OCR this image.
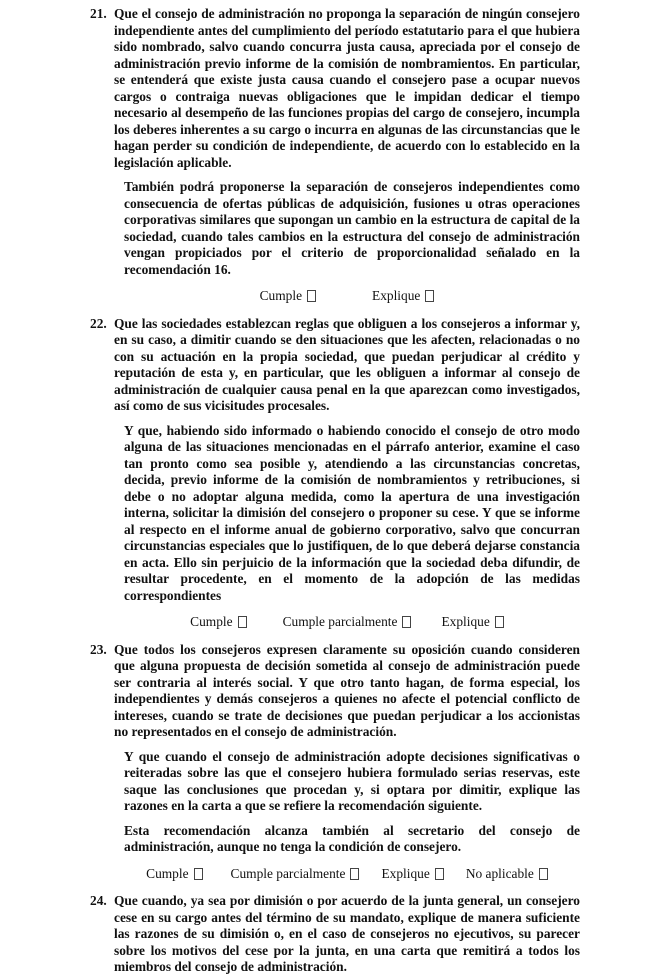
21. Que el consejo de administración no proponga la separación de ningún consejero independiente antes del cumplimiento del período estatutario para el que hubiera sido nombrado, salvo cuando concurra justa causa, apreciada por el consejo de administración previo informe de la comisión de nombramientos. En particular, se entenderá que existe justa causa cuando el consejero pase a ocupar nuevos cargos o contraiga nuevas obligaciones que le impidan dedicar el tiempo necesario al desempeño de las funciones propias del cargo de consejero, incumpla los deberes inherentes a su cargo o incurra en algunas de las circunstancias que le hagan perder su condición de independiente, de acuerdo con lo establecido en la legislación aplicable.

También podrá proponerse la separación de consejeros independientes como consecuencia de ofertas públicas de adquisición, fusiones u otras operaciones corporativas similares que supongan un cambio en la estructura de capital de la sociedad, cuando tales cambios en la estructura del consejo de administración vengan propiciados por el criterio de proporcionalidad señalado en la recomendación 16.

Cumple	Explique
22. Que las sociedades establezcan reglas que obliguen a los consejeros a informar y, en su caso, a dimitir cuando se den situaciones que les afecten, relacionadas o no con su actuación en la propia sociedad, que puedan perjudicar al crédito y reputación de esta y, en particular, que les obliguen a informar al consejo de administración de cualquier causa penal en la que aparezcan como investigados, así como de sus vicisitudes procesales.

Y que, habiendo sido informado o habiendo conocido el consejo de otro modo alguna de las situaciones mencionadas en el párrafo anterior, examine el caso tan pronto como sea posible y, atendiendo a las circunstancias concretas, decida, previo informe de la comisión de nombramientos y retribuciones, si debe o no adoptar alguna medida, como la apertura de una investigación interna, solicitar la dimisión del consejero o proponer su cese. Y que se informe al respecto en el informe anual de gobierno corporativo, salvo que concurran circunstancias especiales que lo justifiquen, de lo que deberá dejarse constancia en acta. Ello sin perjuicio de la información que la sociedad deba difundir, de resultar procedente, en el momento de la adopción de las medidas correspondientes

Cumple	Cumple parcialmente	Explique
23. Que todos los consejeros expresen claramente su oposición cuando consideren que alguna propuesta de decisión sometida al consejo de administración puede ser contraria al interés social. Y que otro tanto hagan, de forma especial, los independientes y demás consejeros a quienes no afecte el potencial conflicto de intereses, cuando se trate de decisiones que puedan perjudicar a los accionistas no representados en el consejo de administración.

Y que cuando el consejo de administración adopte decisiones significativas o reiteradas sobre las que el consejero hubiera formulado serias reservas, este saque las conclusiones que procedan y, si optara por dimitir, explique las razones en la carta a que se refiere la recomendación siguiente.

Esta recomendación alcanza también al secretario del consejo de administración, aunque no tenga la condición de consejero.

Cumple	Cumple parcialmente	Explique	No aplicable
24. Que cuando, ya sea por dimisión o por acuerdo de la junta general, un consejero cese en su cargo antes del término de su mandato, explique de manera suficiente las razones de su dimisión o, en el caso de consejeros no ejecutivos, su parecer sobre los motivos del cese por la junta, en una carta que remitirá a todos los miembros del consejo de administración.
